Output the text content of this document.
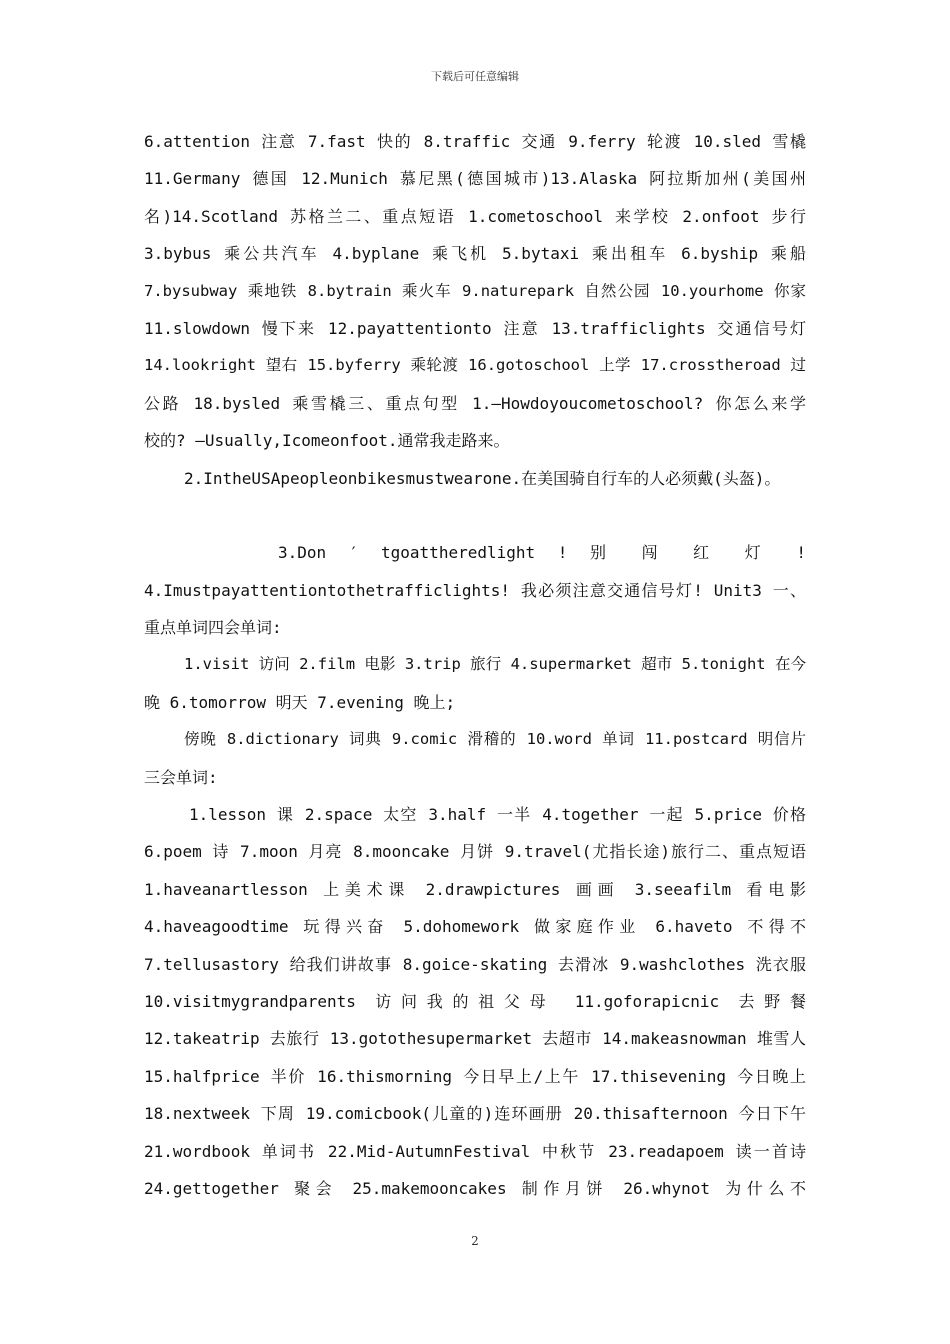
下载后可任意编辑
6.attention 注意 7.fast 快的 8.traffic 交通 9.ferry 轮渡 10.sled 雪橇
11.Germany 德国 12.Munich 慕尼黑(德国城市)13.Alaska 阿拉斯加州(美国州
名)14.Scotland 苏格兰二、重点短语 1.cometoschool 来学校 2.onfoot 步行
3.bybus 乘公共汽车 4.byplane 乘飞机 5.bytaxi 乘出租车 6.byship 乘船
7.bysubway 乘地铁 8.bytrain 乘火车 9.naturepark 自然公园 10.yourhome 你家
11.slowdown 慢下来 12.payattentionto 注意 13.trafficlights 交通信号灯
14.lookright 望右 15.byferry 乘轮渡 16.gotoschool 上学 17.crosstheroad 过
公路 18.bysled 乘雪橇三、重点句型 1.—Howdoyoucometoschool? 你怎么来学
校的? —Usually,Icomeonfoot.通常我走路来。
2.IntheUSApeopleonbikesmustwearone.在美国骑自行车的人必须戴(头盔)。
3.Don ′ tgoattheredlight ! 别 闯 红 灯 !
4.Imustpayattentiontothetrafficlights! 我必须注意交通信号灯! Unit3 一、
重点单词四会单词:
1.visit 访问 2.film 电影 3.trip 旅行 4.supermarket 超市 5.tonight 在今
晚 6.tomorrow 明天 7.evening 晚上;
傍晚 8.dictionary 词典 9.comic 滑稽的 10.word 单词 11.postcard 明信片
三会单词:
1.lesson 课 2.space 太空 3.half 一半 4.together 一起 5.price 价格
6.poem 诗 7.moon 月亮 8.mooncake 月饼 9.travel(尤指长途)旅行二、重点短语
1.haveanartlesson 上美术课 2.drawpictures 画画 3.seeafilm 看电影
4.haveagoodtime 玩得兴奋 5.dohomework 做家庭作业 6.haveto 不得不
7.tellusastory 给我们讲故事 8.goice-skating 去滑冰 9.washclothes 洗衣服
10.visitmygrandparents 访问我的祖父母 11.goforapicnic 去野餐
12.takeatrip 去旅行 13.gotothesupermarket 去超市 14.makeasnowman 堆雪人
15.halfprice 半价 16.thismorning 今日早上/上午 17.thisevening 今日晚上
18.nextweek 下周 19.comicbook(儿童的)连环画册 20.thisafternoon 今日下午
21.wordbook 单词书 22.Mid-AutumnFestival 中秋节 23.readapoem 读一首诗
24.gettogether 聚会 25.makemooncakes 制作月饼 26.whynot 为什么不
2
